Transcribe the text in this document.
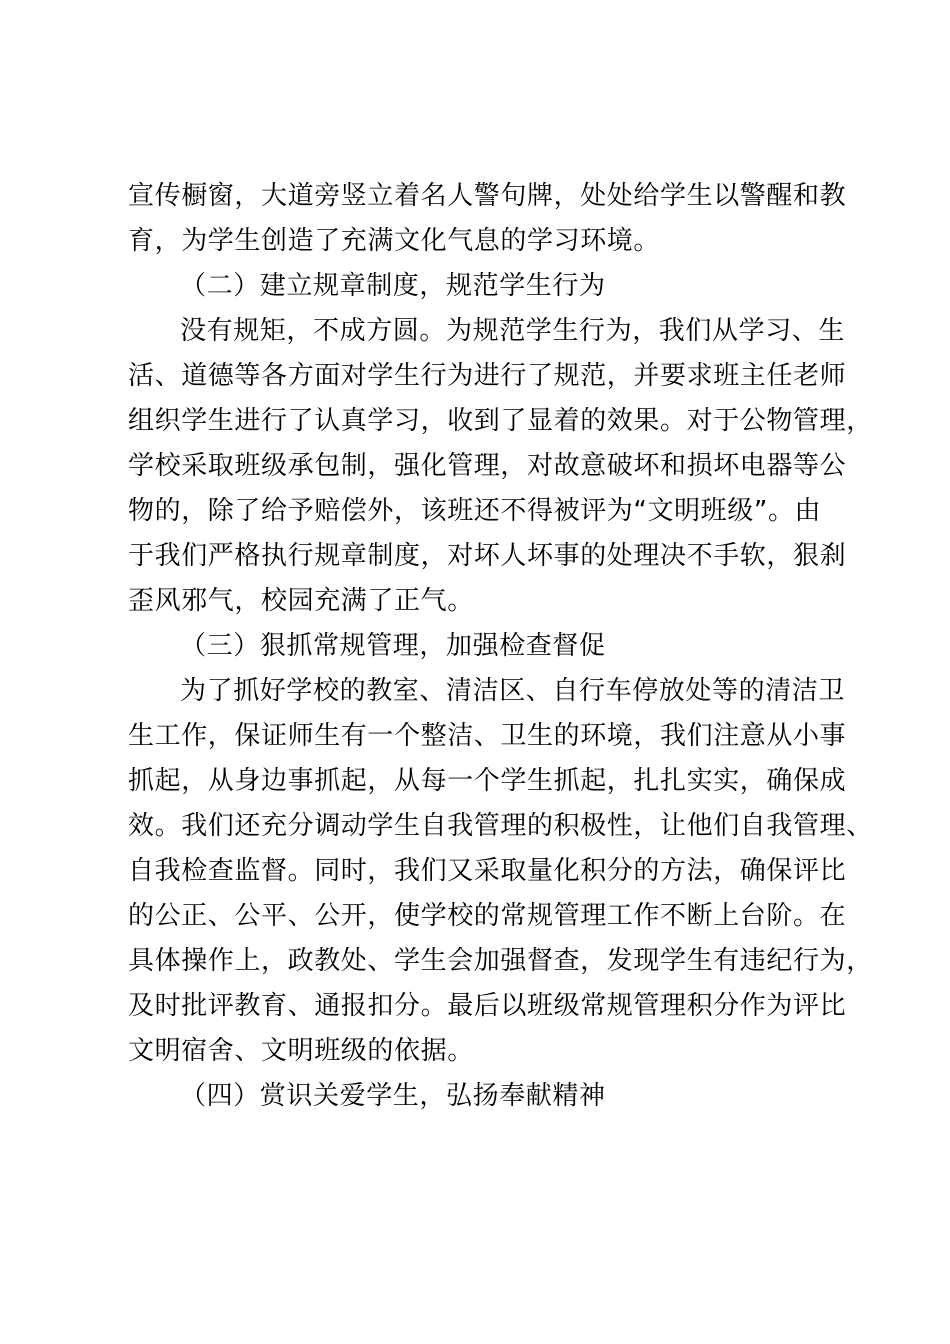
宣传橱窗，大道旁竖立着名人警句牌，处处给学生以警醒和教
育，为学生创造了充满文化气息的学习环境。
（二）建立规章制度，规范学生行为
没有规矩，不成方圆。为规范学生行为，我们从学习、生
活、道德等各方面对学生行为进行了规范，并要求班主任老师
组织学生进行了认真学习，收到了显着的效果。对于公物管理，
学校采取班级承包制，强化管理，对故意破坏和损坏电器等公
物的，除了给予赔偿外，该班还不得被评为“文明班级”。由
于我们严格执行规章制度，对坏人坏事的处理决不手软，狠刹
歪风邪气，校园充满了正气。
（三）狠抓常规管理，加强检查督促
为了抓好学校的教室、清洁区、自行车停放处等的清洁卫
生工作，保证师生有一个整洁、卫生的环境，我们注意从小事
抓起，从身边事抓起，从每一个学生抓起，扎扎实实，确保成
效。我们还充分调动学生自我管理的积极性，让他们自我管理、
自我检查监督。同时，我们又采取量化积分的方法，确保评比
的公正、公平、公开，使学校的常规管理工作不断上台阶。在
具体操作上，政教处、学生会加强督查，发现学生有违纪行为，
及时批评教育、通报扣分。最后以班级常规管理积分作为评比
文明宿舍、文明班级的依据。
（四）赏识关爱学生，弘扬奉献精神
